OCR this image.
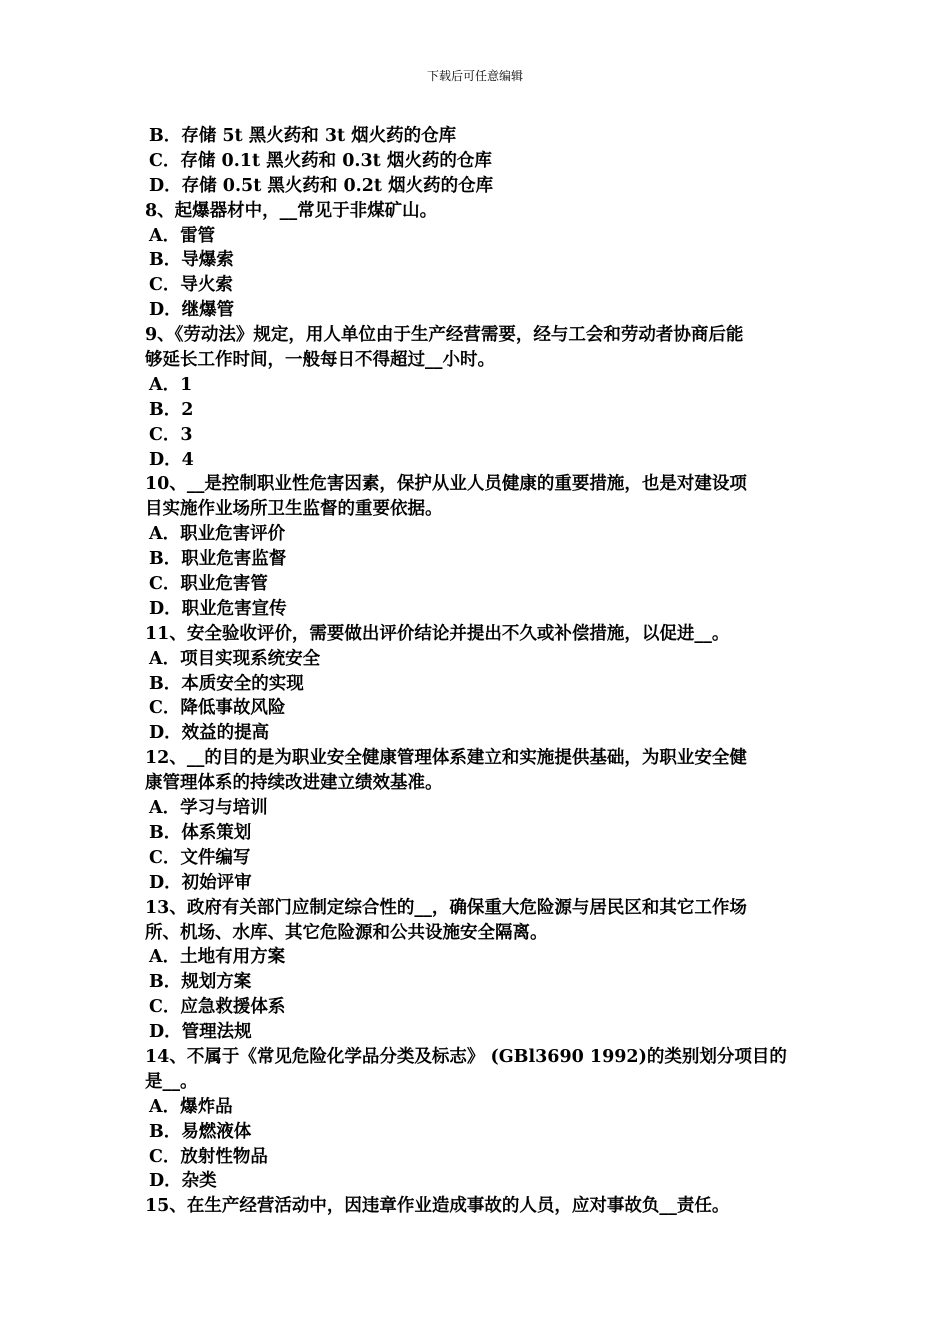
下载后可任意编辑
B．存储 5t 黑火药和 3t 烟火药的仓库
C．存储 0.1t 黑火药和 0.3t 烟火药的仓库
D．存储 0.5t 黑火药和 0.2t 烟火药的仓库
8、起爆器材中，__常见于非煤矿山。
A．雷管
B．导爆索
C．导火索
D．继爆管
9、《劳动法》规定，用人单位由于生产经营需要，经与工会和劳动者协商后能
够延长工作时间，一般每日不得超过__小时。
A．1
B．2
C．3
D．4
10、__是控制职业性危害因素，保护从业人员健康的重要措施，也是对建设项
目实施作业场所卫生监督的重要依据。
A．职业危害评价
B．职业危害监督
C．职业危害管
D．职业危害宣传
11、安全验收评价，需要做出评价结论并提出不久或补偿措施，以促进__。
A．项目实现系统安全
B．本质安全的实现
C．降低事故风险
D．效益的提高
12、__的目的是为职业安全健康管理体系建立和实施提供基础，为职业安全健
康管理体系的持续改进建立绩效基准。
A．学习与培训
B．体系策划
C．文件编写
D．初始评审
13、政府有关部门应制定综合性的__，确保重大危险源与居民区和其它工作场
所、机场、水库、其它危险源和公共设施安全隔离。
A．土地有用方案
B．规划方案
C．应急救援体系
D．管理法规
14、不属于《常见危险化学品分类及标志》 (GBl3690 1992)的类别划分项目的
是__。
A．爆炸品
B．易燃液体
C．放射性物品
D．杂类
15、在生产经营活动中，因违章作业造成事故的人员，应对事故负__责任。
